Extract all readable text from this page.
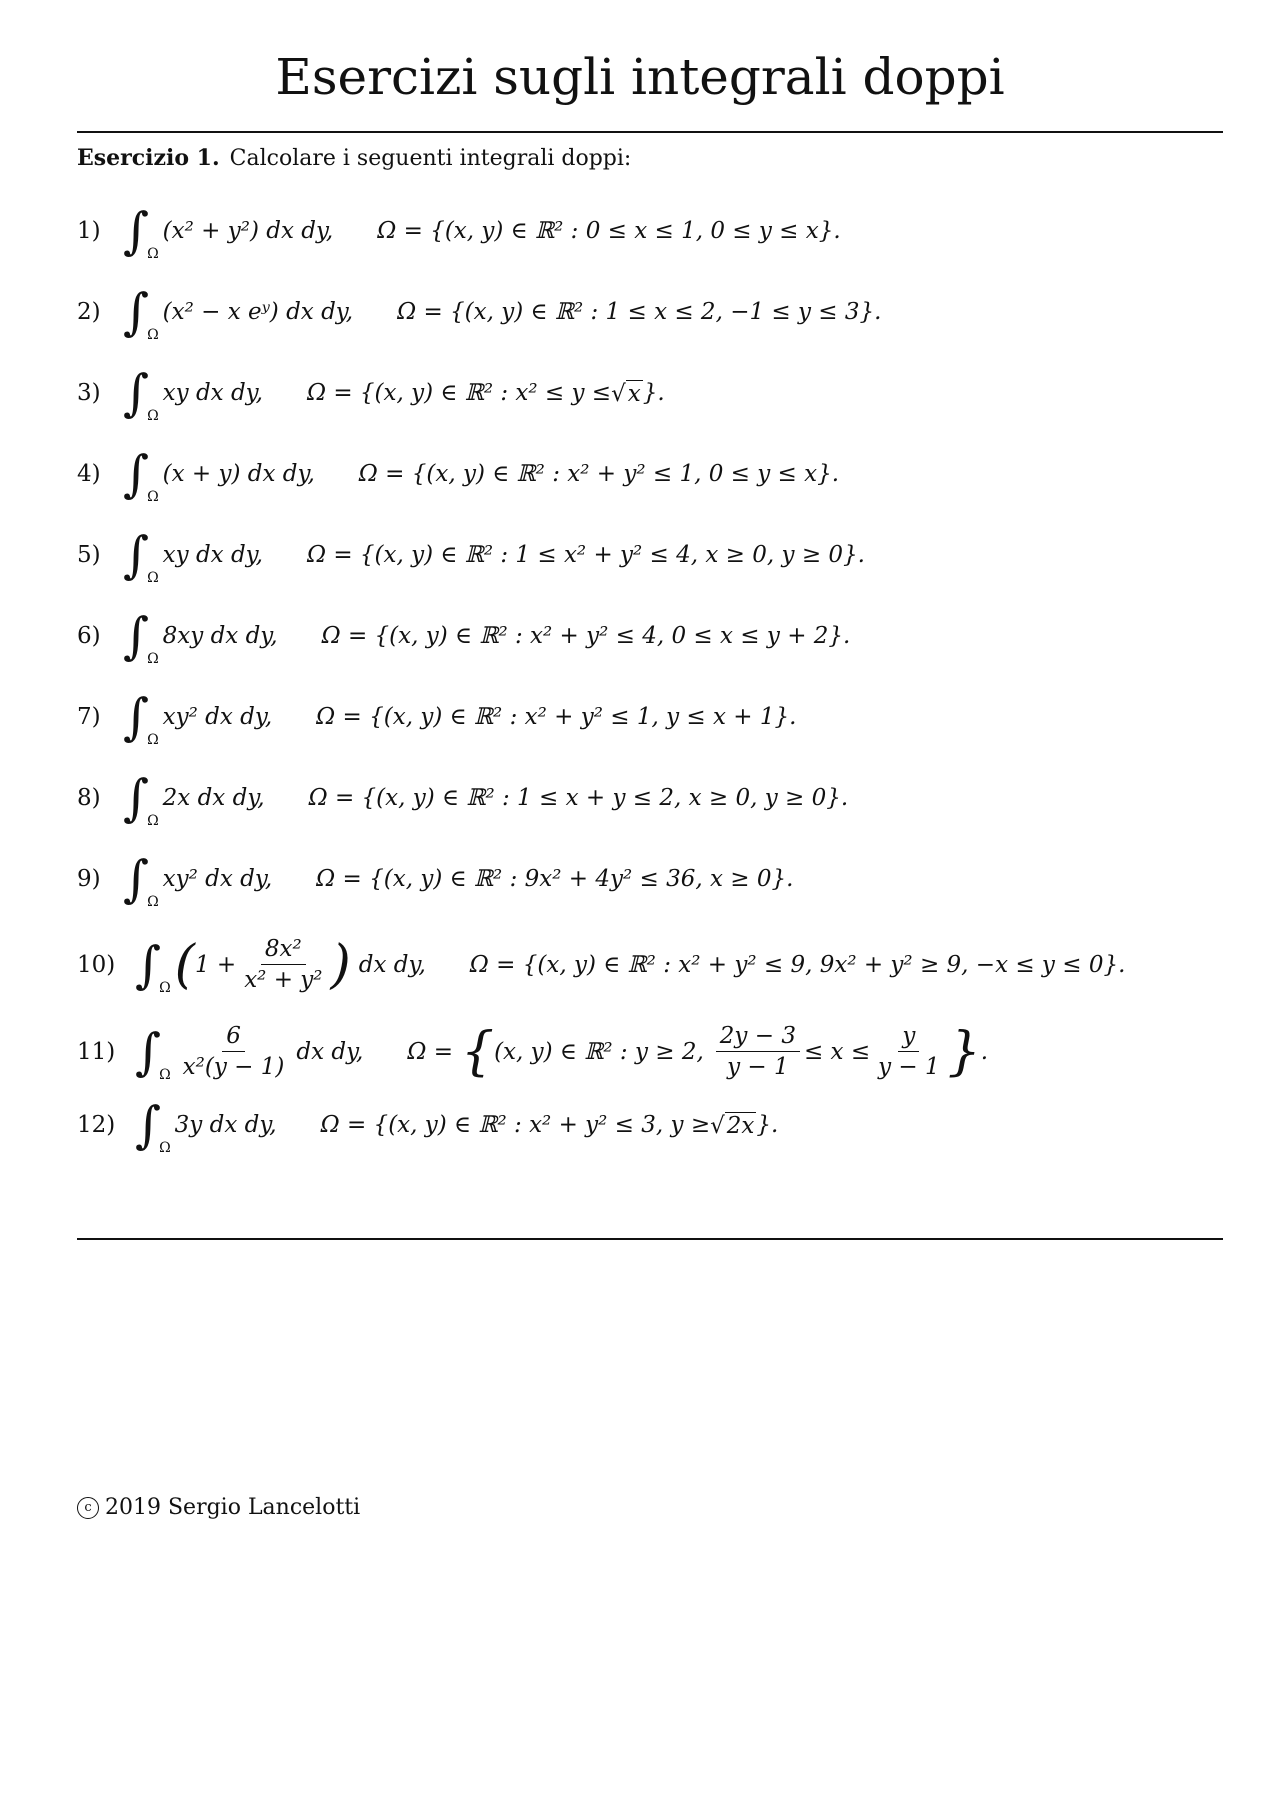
Esercizi sugli integrali doppi
Esercizio 1. Calcolare i seguenti integrali doppi:
1) ∫
Ω
(x² + y²) dx dy, Ω = {(x, y) ∈ ℝ² : 0 ≤ x ≤ 1, 0 ≤ y ≤ x}.
2) ∫
Ω
(x² − x eʸ) dx dy, Ω = {(x, y) ∈ ℝ² : 1 ≤ x ≤ 2, −1 ≤ y ≤ 3}.
3) ∫
Ω
xy dx dy, Ω = {(x, y) ∈ ℝ² : x² ≤ y ≤ √ x }.
4) ∫
Ω
(x + y) dx dy, Ω = {(x, y) ∈ ℝ² : x² + y² ≤ 1, 0 ≤ y ≤ x}.
5) ∫
Ω
xy dx dy, Ω = {(x, y) ∈ ℝ² : 1 ≤ x² + y² ≤ 4, x ≥ 0, y ≥ 0}.
6) ∫
Ω
8xy dx dy, Ω = {(x, y) ∈ ℝ² : x² + y² ≤ 4, 0 ≤ x ≤ y + 2}.
7) ∫
Ω
xy² dx dy, Ω = {(x, y) ∈ ℝ² : x² + y² ≤ 1, y ≤ x + 1}.
8) ∫
Ω
2x dx dy, Ω = {(x, y) ∈ ℝ² : 1 ≤ x + y ≤ 2, x ≥ 0, y ≥ 0}.
9) ∫
Ω
xy² dx dy, Ω = {(x, y) ∈ ℝ² : 9x² + 4y² ≤ 36, x ≥ 0}.
10) ∫
Ω ( $1 + \frac{\text{8x²}}{\text{x² + y²}}$ ) dx dy, Ω = {(x, y) ∈ ℝ² : x² + y² ≤ 9, 9x² + y² ≥ 9, −x ≤ y ≤ 0}.
11) ∫
Ω $\frac{6}{\text{x²(y − 1)}}$ dx dy, Ω = { (x, y) ∈ ℝ² : y ≥ 2, $\frac{2y - 3}{y - 1} \le x \le \frac{y}{y - 1}$ } .
12) ∫
Ω
3y dx dy, Ω = {(x, y) ∈ ℝ² : x² + y² ≤ 3, y ≥ √ 2x }.
c 2019 Sergio Lancelotti
